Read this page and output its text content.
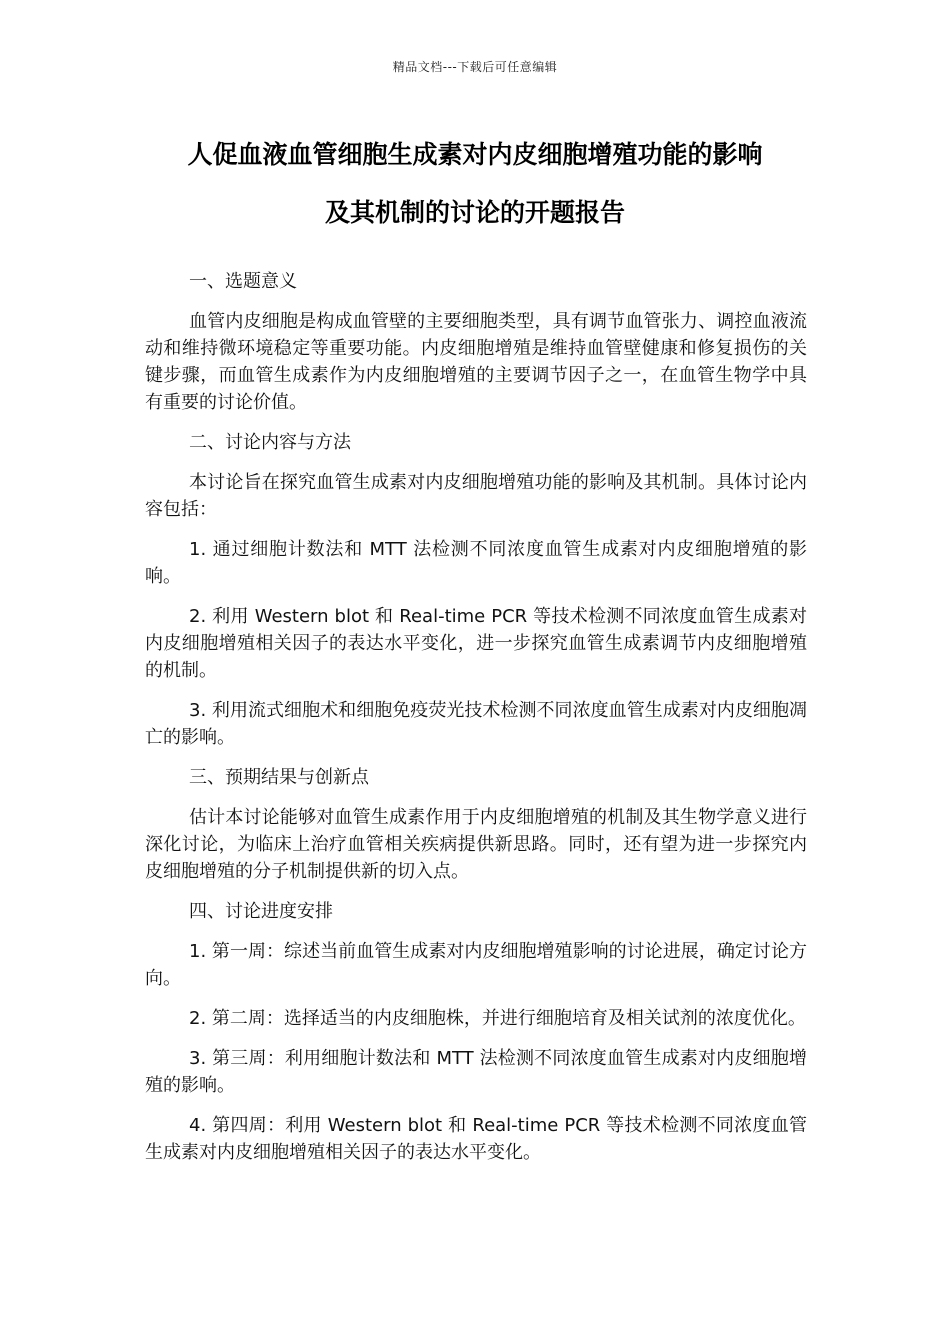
精品文档---下载后可任意编辑
人促血液血管细胞生成素对内皮细胞增殖功能的影响
及其机制的讨论的开题报告
一、选题意义

血管内皮细胞是构成血管壁的主要细胞类型，具有调节血管张力、调控血液流动和维持微环境稳定等重要功能。内皮细胞增殖是维持血管壁健康和修复损伤的关键步骤，而血管生成素作为内皮细胞增殖的主要调节因子之一，在血管生物学中具有重要的讨论价值。

二、讨论内容与方法

本讨论旨在探究血管生成素对内皮细胞增殖功能的影响及其机制。具体讨论内容包括：

1. 通过细胞计数法和 MTT 法检测不同浓度血管生成素对内皮细胞增殖的影响。

2. 利用 Western blot 和 Real-time PCR 等技术检测不同浓度血管生成素对内皮细胞增殖相关因子的表达水平变化，进一步探究血管生成素调节内皮细胞增殖的机制。

3. 利用流式细胞术和细胞免疫荧光技术检测不同浓度血管生成素对内皮细胞凋亡的影响。

三、预期结果与创新点

估计本讨论能够对血管生成素作用于内皮细胞增殖的机制及其生物学意义进行深化讨论，为临床上治疗血管相关疾病提供新思路。同时，还有望为进一步探究内皮细胞增殖的分子机制提供新的切入点。

四、讨论进度安排

1. 第一周：综述当前血管生成素对内皮细胞增殖影响的讨论进展，确定讨论方向。

2. 第二周：选择适当的内皮细胞株，并进行细胞培育及相关试剂的浓度优化。

3. 第三周：利用细胞计数法和 MTT 法检测不同浓度血管生成素对内皮细胞增殖的影响。

4. 第四周：利用 Western blot 和 Real-time PCR 等技术检测不同浓度血管生成素对内皮细胞增殖相关因子的表达水平变化。
